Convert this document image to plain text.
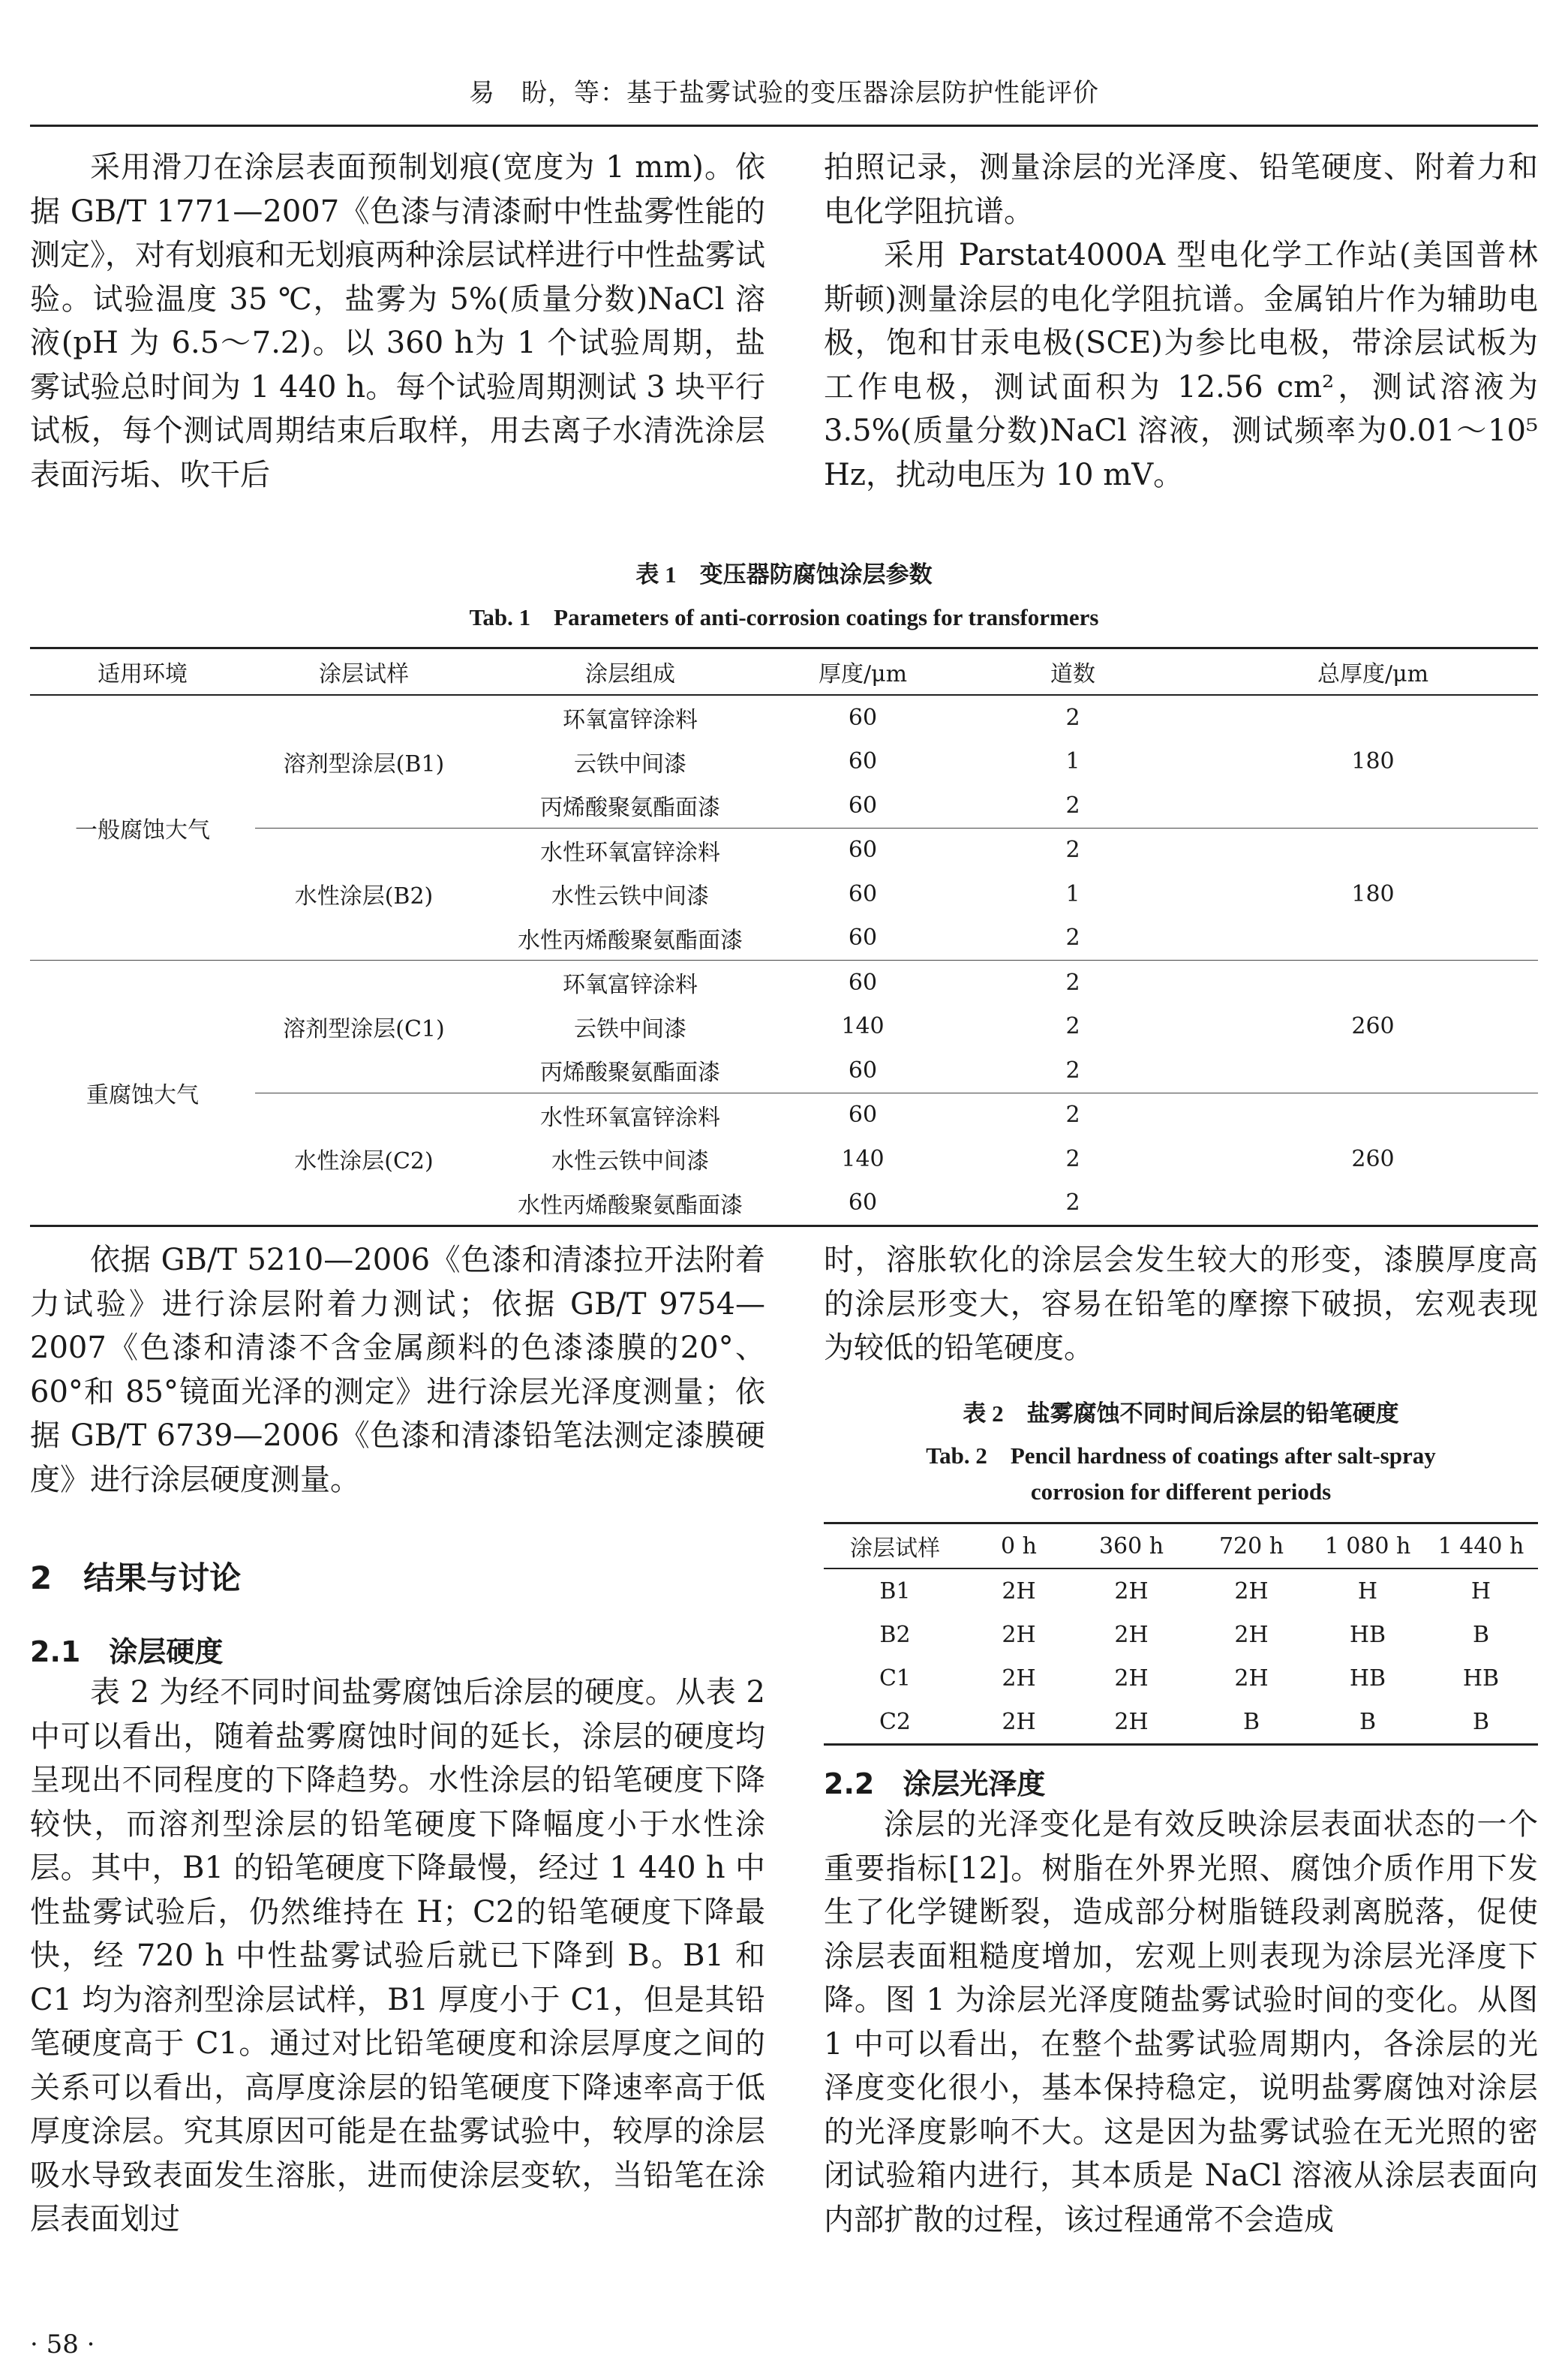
易　盼，等：基于盐雾试验的变压器涂层防护性能评价

采用滑刀在涂层表面预制划痕(宽度为 1 mm)。依据 GB/T 1771—2007《色漆与清漆耐中性盐雾性能的测定》，对有划痕和无划痕两种涂层试样进行中性盐雾试验。试验温度 35 ℃，盐雾为 5%(质量分数)NaCl 溶液(pH 为 6.5～7.2)。以 360 h为 1 个试验周期，盐雾试验总时间为 1 440 h。每个试验周期测试 3 块平行试板，每个测试周期结束后取样，用去离子水清洗涂层表面污垢、吹干后

拍照记录，测量涂层的光泽度、铅笔硬度、附着力和电化学阻抗谱。

采用 Parstat4000A 型电化学工作站(美国普林斯顿)测量涂层的电化学阻抗谱。金属铂片作为辅助电极，饱和甘汞电极(SCE)为参比电极，带涂层试板为工作电极，测试面积为 12.56 cm²，测试溶液为 3.5%(质量分数)NaCl 溶液，测试频率为0.01～10⁵ Hz，扰动电压为 10 mV。

表 1　变压器防腐蚀涂层参数
Tab. 1　Parameters of anti-corrosion coatings for transformers
适用环境	涂层试样	涂层组成	厚度/μm	道数	总厚度/μm
一般腐蚀大气	溶剂型涂层(B1)	环氧富锌涂料	60	2	180
		云铁中间漆	60	1	
		丙烯酸聚氨酯面漆	60	2	
	水性涂层(B2)	水性环氧富锌涂料	60	2	180
		水性云铁中间漆	60	1	
		水性丙烯酸聚氨酯面漆	60	2	
重腐蚀大气	溶剂型涂层(C1)	环氧富锌涂料	60	2	260
		云铁中间漆	140	2	
		丙烯酸聚氨酯面漆	60	2	
	水性涂层(C2)	水性环氧富锌涂料	60	2	260
		水性云铁中间漆	140	2	
		水性丙烯酸聚氨酯面漆	60	2	

依据 GB/T 5210—2006《色漆和清漆拉开法附着力试验》进行涂层附着力测试；依据 GB/T 9754—2007《色漆和清漆不含金属颜料的色漆漆膜的20°、60°和 85°镜面光泽的测定》进行涂层光泽度测量；依据 GB/T 6739—2006《色漆和清漆铅笔法测定漆膜硬度》进行涂层硬度测量。

2　结果与讨论
2.1　涂层硬度

表 2 为经不同时间盐雾腐蚀后涂层的硬度。从表 2 中可以看出，随着盐雾腐蚀时间的延长，涂层的硬度均呈现出不同程度的下降趋势。水性涂层的铅笔硬度下降较快，而溶剂型涂层的铅笔硬度下降幅度小于水性涂层。其中，B1 的铅笔硬度下降最慢，经过 1 440 h 中性盐雾试验后，仍然维持在 H；C2的铅笔硬度下降最快，经 720 h 中性盐雾试验后就已下降到 B。B1 和 C1 均为溶剂型涂层试样，B1 厚度小于 C1，但是其铅笔硬度高于 C1。通过对比铅笔硬度和涂层厚度之间的关系可以看出，高厚度涂层的铅笔硬度下降速率高于低厚度涂层。究其原因可能是在盐雾试验中，较厚的涂层吸水导致表面发生溶胀，进而使涂层变软，当铅笔在涂层表面划过

时，溶胀软化的涂层会发生较大的形变，漆膜厚度高的涂层形变大，容易在铅笔的摩擦下破损，宏观表现为较低的铅笔硬度。

表 2　盐雾腐蚀不同时间后涂层的铅笔硬度
Tab. 2　Pencil hardness of coatings after salt-spray
corrosion for different periods
涂层试样	0 h	360 h	720 h	1 080 h	1 440 h
B1	2H	2H	2H	H	H
B2	2H	2H	2H	HB	B
C1	2H	2H	2H	HB	HB
C2	2H	2H	B	B	B
2.2　涂层光泽度

涂层的光泽变化是有效反映涂层表面状态的一个重要指标[12]。树脂在外界光照、腐蚀介质作用下发生了化学键断裂，造成部分树脂链段剥离脱落，促使涂层表面粗糙度增加，宏观上则表现为涂层光泽度下降。图 1 为涂层光泽度随盐雾试验时间的变化。从图 1 中可以看出，在整个盐雾试验周期内，各涂层的光泽度变化很小，基本保持稳定，说明盐雾腐蚀对涂层的光泽度影响不大。这是因为盐雾试验在无光照的密闭试验箱内进行，其本质是 NaCl 溶液从涂层表面向内部扩散的过程，该过程通常不会造成

· 58 ·
